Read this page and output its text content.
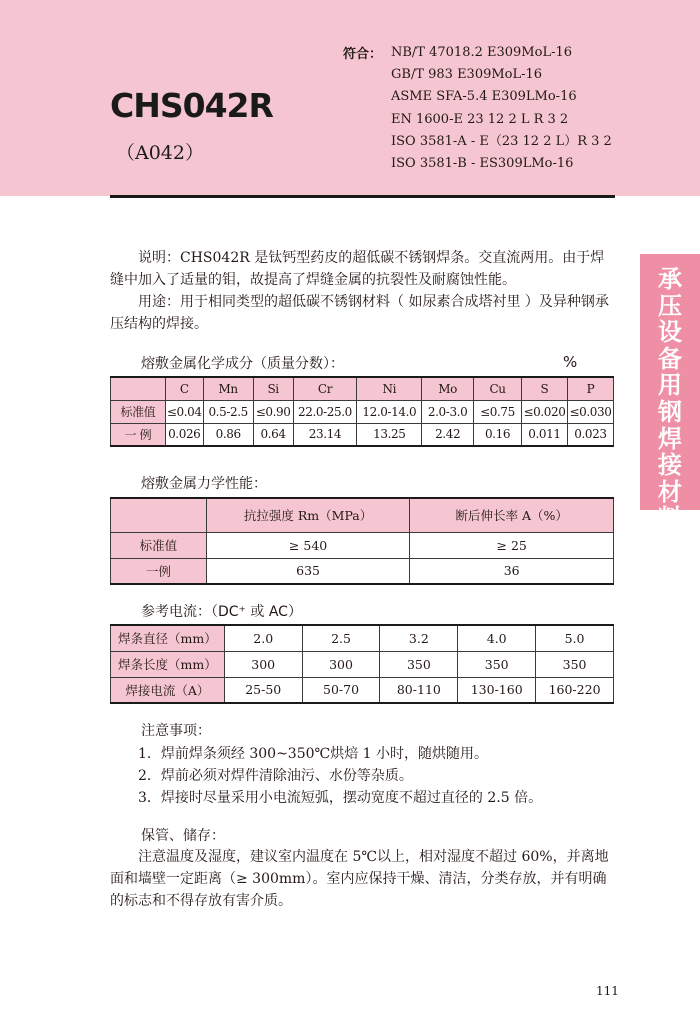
CHS042R
（A042）
符合： NB/T 47018.2 E309MoL-16
GB/T 983 E309MoL-16
ASME SFA-5.4 E309LMo-16
EN 1600-E 23 12 2 L R 3 2
ISO 3581-A - E（23 12 2 L）R 3 2
ISO 3581-B - ES309LMo-16
承
压
设
备
用
钢
焊
接
材
料

说明：CHS042R 是钛钙型药皮的超低碳不锈钢焊条。交直流两用。由于焊缝中加入了适量的钼，故提高了焊缝金属的抗裂性及耐腐蚀性能。

用途：用于相同类型的超低碳不锈钢材料（ 如尿素合成塔衬里 ）及异种钢承压结构的焊接。

熔敷金属化学成分（质量分数）：	%
	C	Mn	Si	Cr	Ni	Mo	Cu	S	P
标准值	≤0.04	0.5-2.5	≤0.90	22.0-25.0	12.0-14.0	2.0-3.0	≤0.75	≤0.020	≤0.030
一 例	0.026	0.86	0.64	23.14	13.25	2.42	0.16	0.011	0.023
熔敷金属力学性能：
	抗拉强度 Rm（MPa）	断后伸长率 A（%）
标准值	≥ 540	≥ 25
一例	635	36
参考电流：（DC⁺ 或 AC）
焊条直径（mm）	2.0	2.5	3.2	4.0	5.0
焊条长度（mm）	300	300	350	350	350
焊接电流（A）	25-50	50-70	80-110	130-160	160-220
注意事项：
1．焊前焊条须经 300~350℃烘焙 1 小时，随烘随用。
2．焊前必须对焊件清除油污、水份等杂质。
3．焊接时尽量采用小电流短弧，摆动宽度不超过直径的 2.5 倍。
保管、储存：

注意温度及湿度，建议室内温度在 5℃以上，相对湿度不超过 60%，并离地面和墙壁一定距离（≥ 300mm）。室内应保持干燥、清洁，分类存放，并有明确的标志和不得存放有害介质。

111
